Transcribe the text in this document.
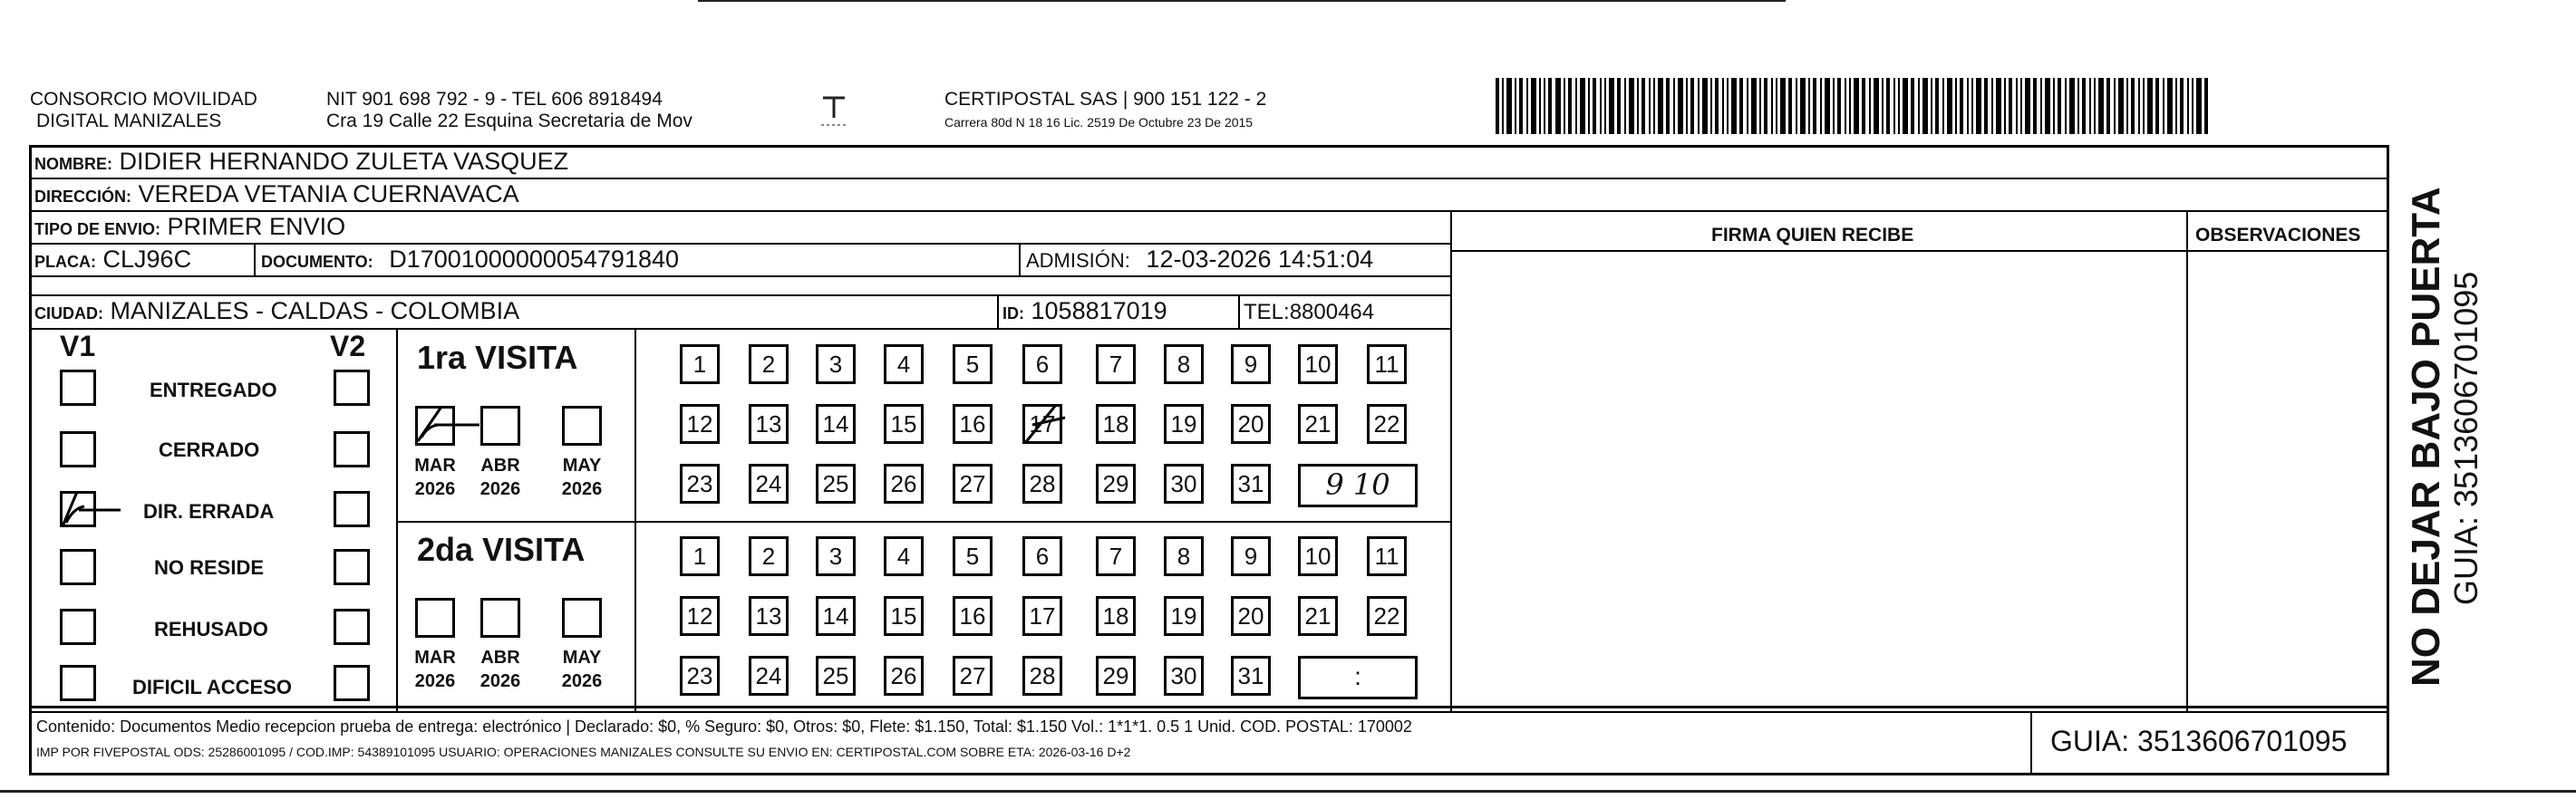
CONSORCIO MOVILIDAD
DIGITAL MANIZALES
NIT 901 698 792 - 9 - TEL 606 8918494
Cra 19 Calle 22 Esquina Secretaria de Mov
CERTIPOSTAL SAS | 900 151 122 - 2
Carrera 80d N 18 16 Lic. 2519 De Octubre 23 De 2015
NOMBRE: DIDIER HERNANDO ZULETA VASQUEZ
DIRECCIÓN: VEREDA VETANIA CUERNAVACA
TIPO DE ENVIO: PRIMER ENVIO	FIRMA QUIEN RECIBE	OBSERVACIONES
PLACA: CLJ96C	DOCUMENTO: D17001000000054791840	ADMISIÓN: 12-03-2026 14:51:04
CIUDAD: MANIZALES - CALDAS - COLOMBIA	ID: 1058817019	TEL:8800464
V1	V2
ENTREGADO
CERRADO
DIR. ERRADA
NO RESIDE
REHUSADO
DIFICIL ACCESO
1ra VISITA
MAR	ABR	MAY
2026 2026 2026
1	2	3	4	5	6	7	8	9	10	11
12 13 14 15 16 17 18 19 20 21 22
23 24 25 26 27 28 29 30 31	9 10
2da VISITA
MAR	ABR	MAY
2026 2026 2026
1	2	3	4	5	6	7	8	9	10	11
12 13 14 15 16 17 18 19 20 21 22
23 24 25 26 27 28 29 30 31	:
Contenido: Documentos Medio recepcion prueba de entrega: electrónico | Declarado: $0, % Seguro: $0, Otros: $0, Flete: $1.150, Total: $1.150 Vol.: 1*1*1. 0.5 1 Unid. COD. POSTAL: 170002
IMP POR FIVEPOSTAL ODS: 25286001095 / COD.IMP: 54389101095 USUARIO: OPERACIONES MANIZALES CONSULTE SU ENVIO EN: CERTIPOSTAL.COM SOBRE ETA: 2026-03-16 D+2	GUIA: 3513606701095
NO DEJAR BAJO PUERTA GUIA: 3513606701095
